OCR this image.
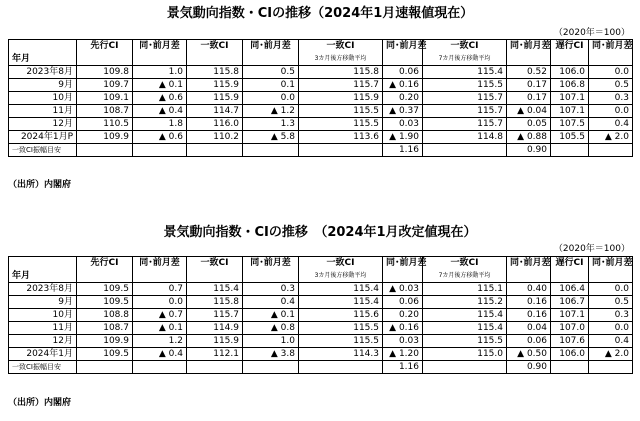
景気動向指数・CIの推移（2024年1月速報値現在）
（2020年＝100）
	先行CI	同･前月差	一致CI	同･前月差	一致CI	同･前月差	一致CI	同･前月差	遅行CI	同･前月差
年月					3カ月後方移動平均		7カ月後方移動平均			
2023年8月	109.8	1.0	115.8	0.5	115.8	0.06	115.4	0.52	106.0	0.0
9月	109.7	▲ 0.1	115.9	0.1	115.7	▲ 0.16	115.5	0.17	106.8	0.5
10月	109.1	▲ 0.6	115.9	0.0	115.9	0.20	115.7	0.17	107.1	0.3
11月	108.7	▲ 0.4	114.7	▲ 1.2	115.5	▲ 0.37	115.7	▲ 0.04	107.1	0.0
12月	110.5	1.8	116.0	1.3	115.5	0.03	115.7	0.05	107.5	0.4
2024年1月P	109.9	▲ 0.6	110.2	▲ 5.8	113.6	▲ 1.90	114.8	▲ 0.88	105.5	▲ 2.0
一致CI振幅目安						1.16		0.90		
（出所）内閣府
景気動向指数・CIの推移　（2024年1月改定値現在）
（2020年＝100）
	先行CI	同･前月差	一致CI	同･前月差	一致CI	同･前月差	一致CI	同･前月差	遅行CI	同･前月差
年月					3カ月後方移動平均		7カ月後方移動平均			
2023年8月	109.5	0.7	115.4	0.3	115.4	▲ 0.03	115.1	0.40	106.4	0.0
9月	109.5	0.0	115.8	0.4	115.4	0.06	115.2	0.16	106.7	0.5
10月	108.8	▲ 0.7	115.7	▲ 0.1	115.6	0.20	115.4	0.16	107.1	0.3
11月	108.7	▲ 0.1	114.9	▲ 0.8	115.5	▲ 0.16	115.4	0.04	107.0	0.0
12月	109.9	1.2	115.9	1.0	115.5	0.03	115.5	0.06	107.6	0.4
2024年1月	109.5	▲ 0.4	112.1	▲ 3.8	114.3	▲ 1.20	115.0	▲ 0.50	106.0	▲ 2.0
一致CI振幅目安						1.16		0.90		
（出所）内閣府
